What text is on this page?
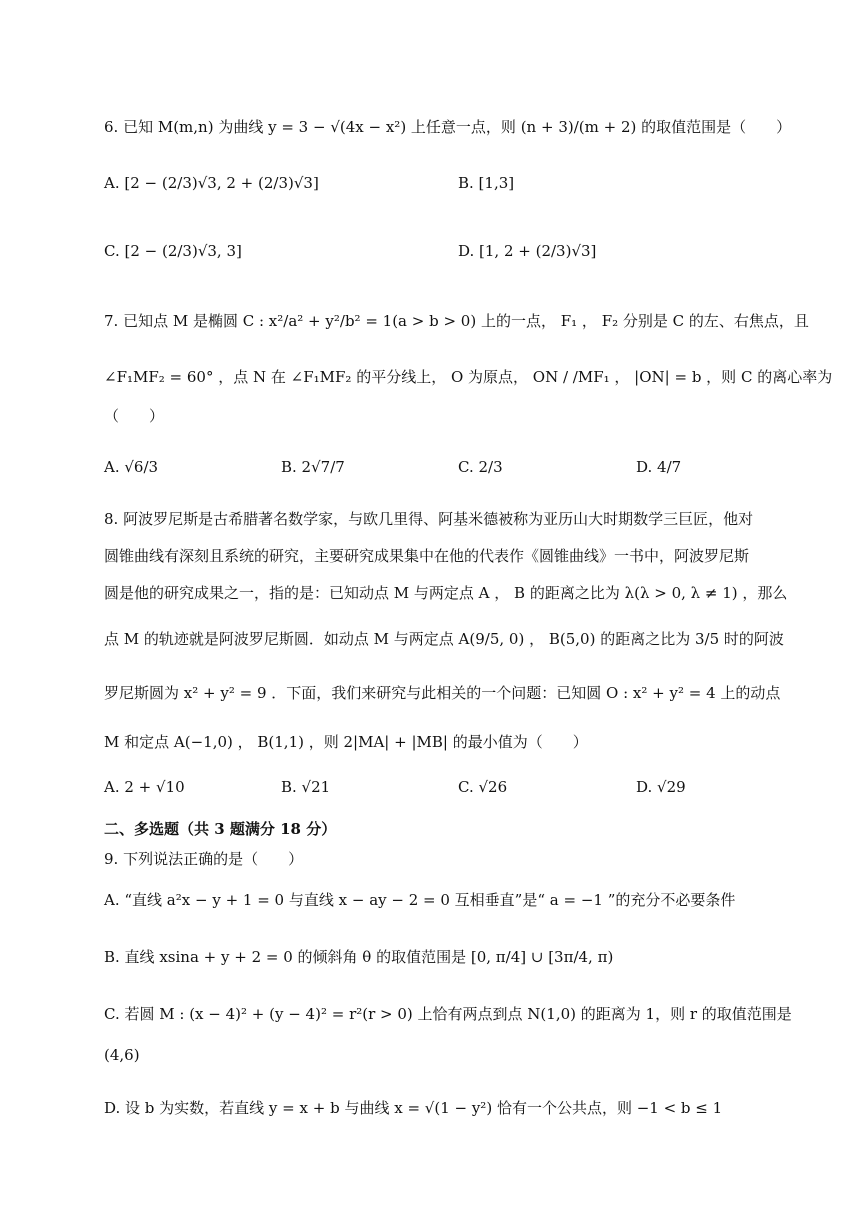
6. 已知 M(m,n) 为曲线 y = 3 − √(4x − x²) 上任意一点，则 (n + 3)/(m + 2) 的取值范围是（　　）
A. [2 − (2/3)√3, 2 + (2/3)√3]	B. [1,3]
C. [2 − (2/3)√3, 3]	D. [1, 2 + (2/3)√3]
7. 已知点 M 是椭圆 C : x²/a² + y²/b² = 1(a > b > 0) 上的一点， F₁ ， F₂ 分别是 C 的左、右焦点，且
∠F₁MF₂ = 60° ，点 N 在 ∠F₁MF₂ 的平分线上， O 为原点， ON / /MF₁ ， |ON| = b ，则 C 的离心率为
（　　）
A. √6/3	B. 2√7/7	C. 2/3	D. 4/7
8. 阿波罗尼斯是古希腊著名数学家，与欧几里得、阿基米德被称为亚历山大时期数学三巨匠，他对
圆锥曲线有深刻且系统的研究，主要研究成果集中在他的代表作《圆锥曲线》一书中，阿波罗尼斯
圆是他的研究成果之一，指的是：已知动点 M 与两定点 A ， B 的距离之比为 λ(λ > 0, λ ≠ 1) ，那么
点 M 的轨迹就是阿波罗尼斯圆．如动点 M 与两定点 A(9/5, 0) ， B(5,0) 的距离之比为 3/5 时的阿波
罗尼斯圆为 x² + y² = 9 ．下面，我们来研究与此相关的一个问题：已知圆 O : x² + y² = 4 上的动点
M 和定点 A(−1,0) ， B(1,1) ，则 2|MA| + |MB| 的最小值为（　　）
A. 2 + √10	B. √21	C. √26	D. √29
二、多选题（共 3 题满分 18 分）
9. 下列说法正确的是（　　）
A. “直线 a²x − y + 1 = 0 与直线 x − ay − 2 = 0 互相垂直”是“ a = −1 ”的充分不必要条件
B. 直线 xsina + y + 2 = 0 的倾斜角 θ 的取值范围是 [0, π/4] ∪ [3π/4, π)
C. 若圆 M : (x − 4)² + (y − 4)² = r²(r > 0) 上恰有两点到点 N(1,0) 的距离为 1，则 r 的取值范围是
(4,6)
D. 设 b 为实数，若直线 y = x + b 与曲线 x = √(1 − y²) 恰有一个公共点，则 −1 < b ≤ 1
